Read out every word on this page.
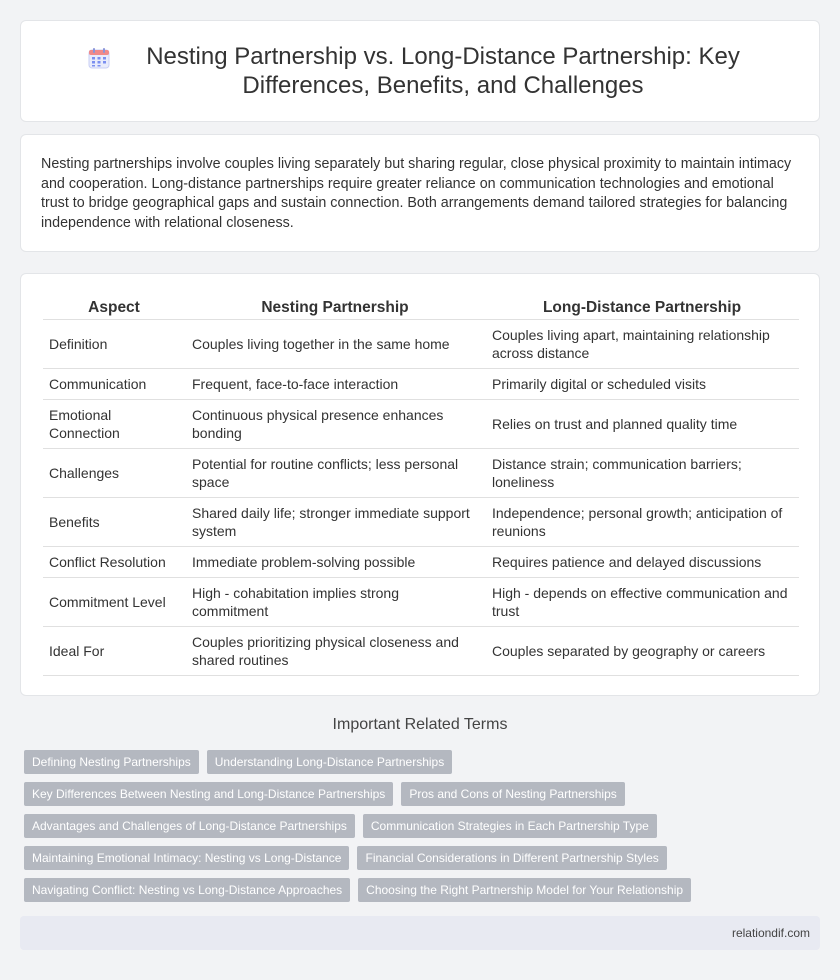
Nesting Partnership vs. Long-Distance Partnership: Key Differences, Benefits, and Challenges

Nesting partnerships involve couples living separately but sharing regular, close physical proximity to maintain intimacy and cooperation. Long-distance partnerships require greater reliance on communication technologies and emotional trust to bridge geographical gaps and sustain connection. Both arrangements demand tailored strategies for balancing independence with relational closeness.

Aspect	Nesting Partnership	Long-Distance Partnership
Definition	Couples living together in the same home	Couples living apart, maintaining relationship across distance
Communication	Frequent, face-to-face interaction	Primarily digital or scheduled visits
Emotional Connection	Continuous physical presence enhances bonding	Relies on trust and planned quality time
Challenges	Potential for routine conflicts; less personal space	Distance strain; communication barriers; loneliness
Benefits	Shared daily life; stronger immediate support system	Independence; personal growth; anticipation of reunions
Conflict Resolution	Immediate problem-solving possible	Requires patience and delayed discussions
Commitment Level	High - cohabitation implies strong commitment	High - depends on effective communication and trust
Ideal For	Couples prioritizing physical closeness and shared routines	Couples separated by geography or careers
Important Related Terms
Defining Nesting Partnerships	Understanding Long-Distance Partnerships
Key Differences Between Nesting and Long-Distance Partnerships	Pros and Cons of Nesting Partnerships
Advantages and Challenges of Long-Distance Partnerships	Communication Strategies in Each Partnership Type
Maintaining Emotional Intimacy: Nesting vs Long-Distance	Financial Considerations in Different Partnership Styles
Navigating Conflict: Nesting vs Long-Distance Approaches	Choosing the Right Partnership Model for Your Relationship
relationdif.com
